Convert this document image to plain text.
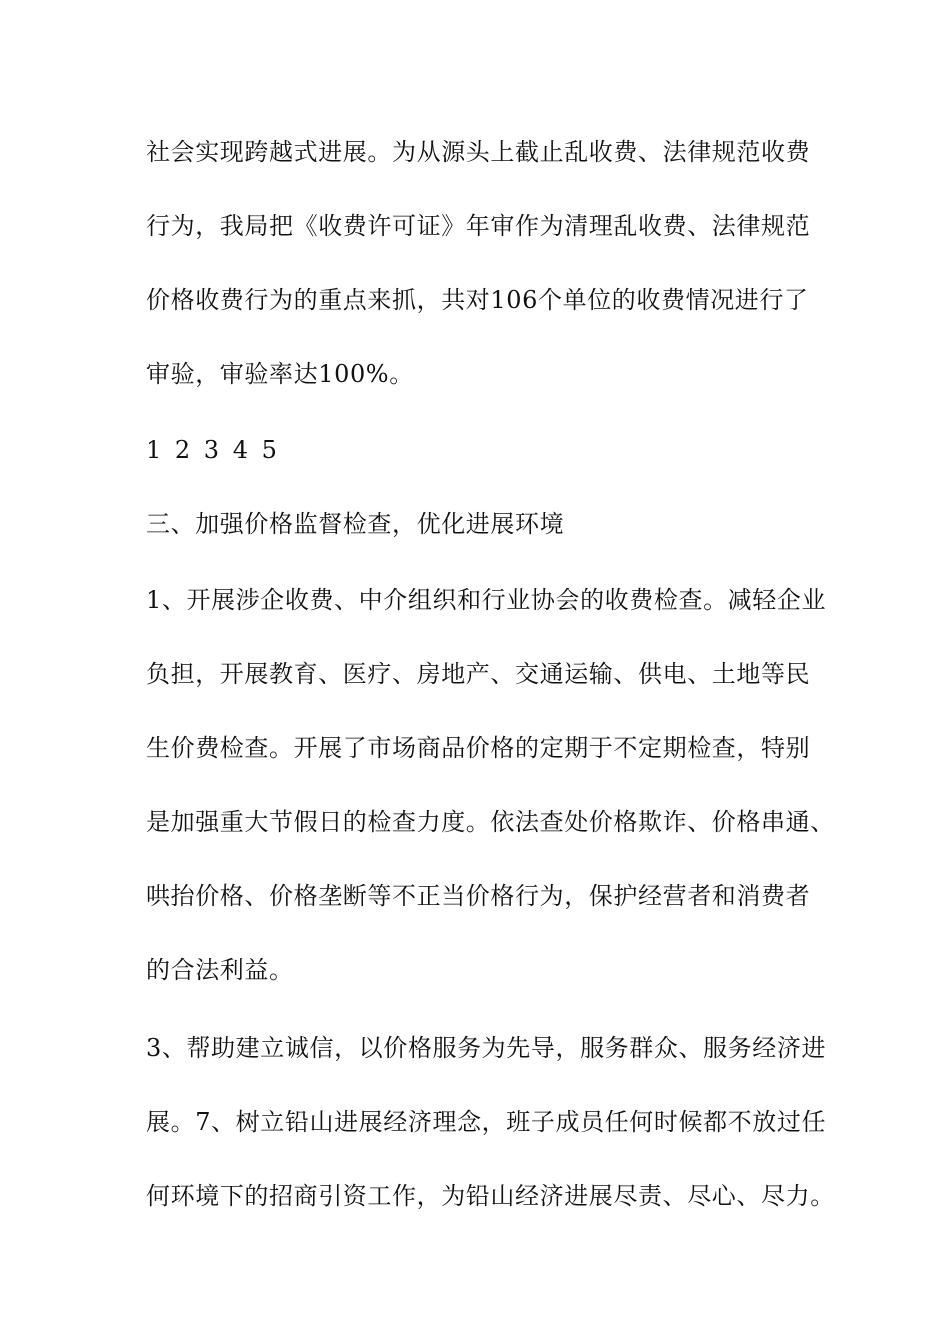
社会实现跨越式进展。为从源头上截止乱收费、法律规范收费
行为，我局把《收费许可证》年审作为清理乱收费、法律规范
价格收费行为的重点来抓，共对106个单位的收费情况进行了
审验，审验率达100%。
1 2 3 4 5
三、加强价格监督检查，优化进展环境
1、开展涉企收费、中介组织和行业协会的收费检查。减轻企业
负担，开展教育、医疗、房地产、交通运输、供电、土地等民
生价费检查。开展了市场商品价格的定期于不定期检查，特别
是加强重大节假日的检查力度。依法查处价格欺诈、价格串通、
哄抬价格、价格垄断等不正当价格行为，保护经营者和消费者
的合法利益。
3、帮助建立诚信，以价格服务为先导，服务群众、服务经济进
展。7、树立铅山进展经济理念，班子成员任何时候都不放过任
何环境下的招商引资工作，为铅山经济进展尽责、尽心、尽力。
